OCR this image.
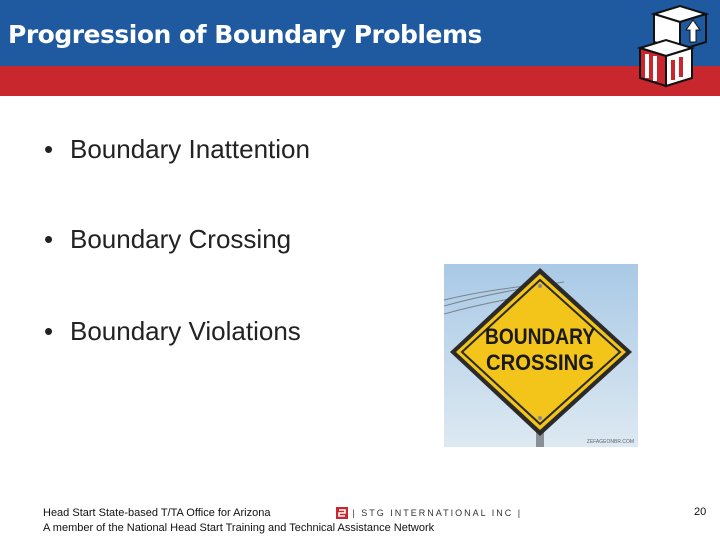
Progression of Boundary Problems
• Boundary Inattention
• Boundary Crossing
• Boundary Violations	BOUNDARY
CROSSING
ZEFAGEONBR.COM
Head Start State-based T/TA Office for Arizona
A member of the National Head Start Training and Technical Assistance Network
| STG INTERNATIONAL INC |	20
